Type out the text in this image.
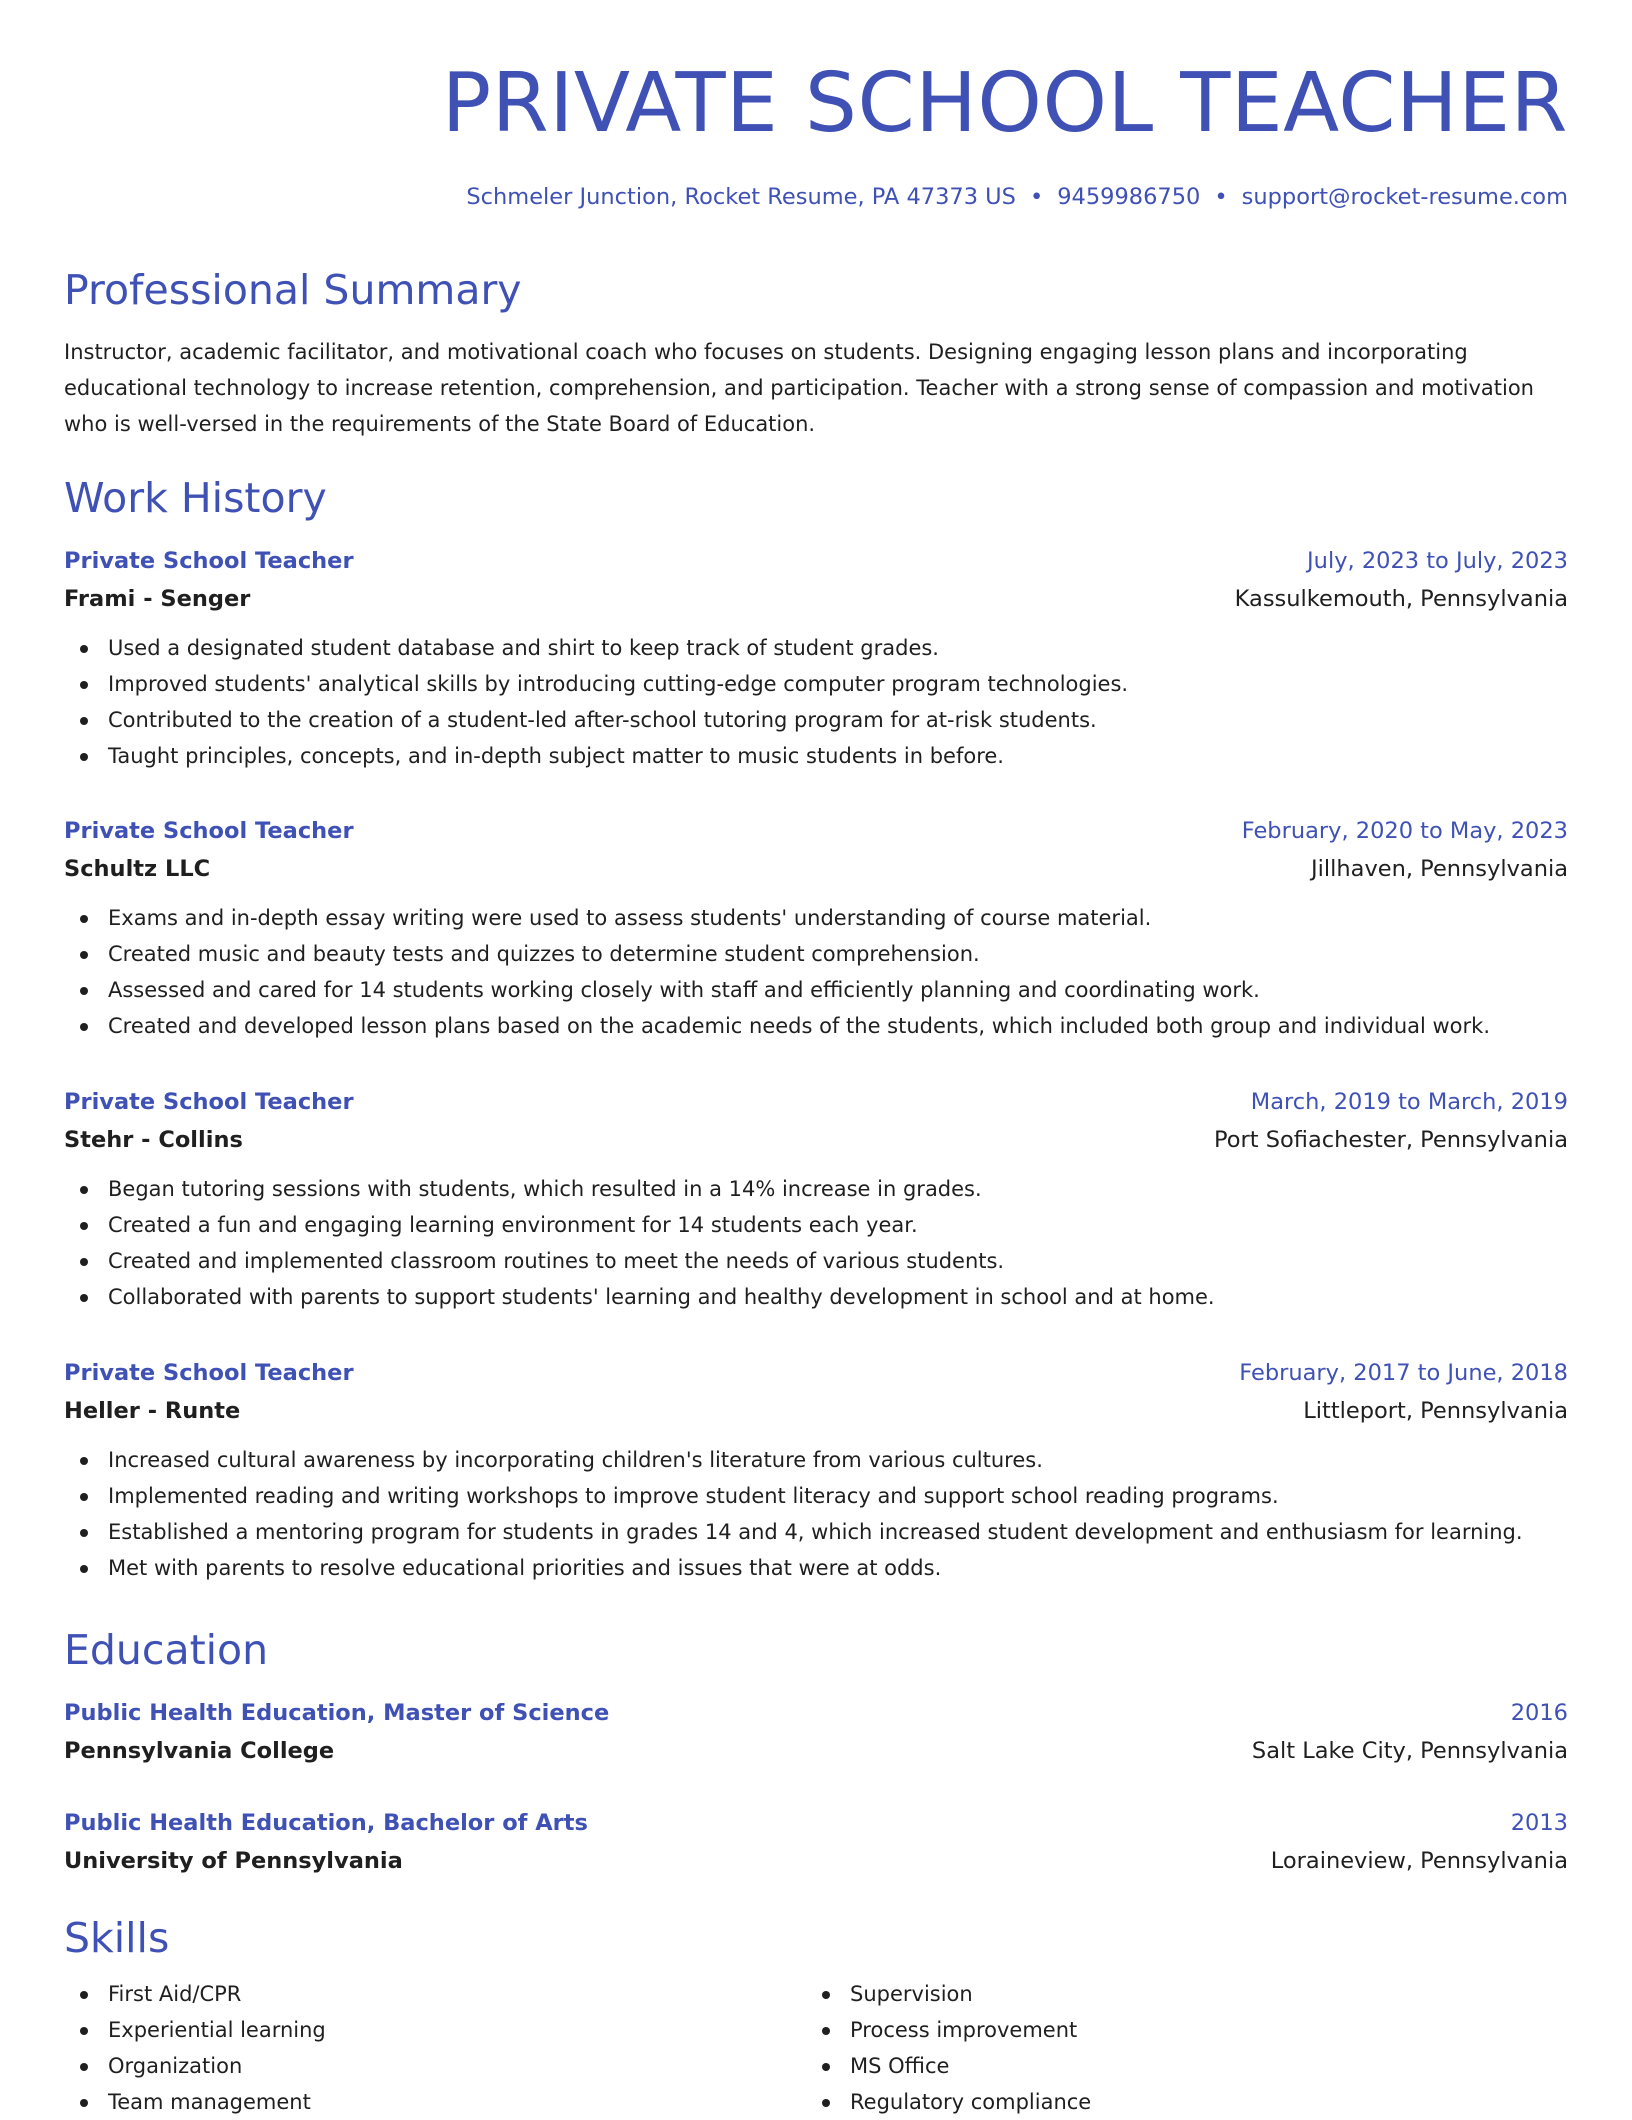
PRIVATE SCHOOL TEACHER
Schmeler Junction, Rocket Resume, PA 47373 US • 9459986750 • support@rocket-resume.com
Professional Summary

Instructor, academic facilitator, and motivational coach who focuses on students. Designing engaging lesson plans and incorporating educational technology to increase retention, comprehension, and participation. Teacher with a strong sense of compassion and motivation who is well-versed in the requirements of the State Board of Education.

Work History
Private School Teacher	July, 2023 to July, 2023
Frami - Senger	Kassulkemouth, Pennsylvania
Used a designated student database and shirt to keep track of student grades.
Improved students' analytical skills by introducing cutting-edge computer program technologies.
Contributed to the creation of a student-led after-school tutoring program for at-risk students.
Taught principles, concepts, and in-depth subject matter to music students in before.
Private School Teacher	February, 2020 to May, 2023
Schultz LLC	Jillhaven, Pennsylvania
Exams and in-depth essay writing were used to assess students' understanding of course material.
Created music and beauty tests and quizzes to determine student comprehension.
Assessed and cared for 14 students working closely with staff and efficiently planning and coordinating work.
Created and developed lesson plans based on the academic needs of the students, which included both group and individual work.
Private School Teacher	March, 2019 to March, 2019
Stehr - Collins	Port Sofiachester, Pennsylvania
Began tutoring sessions with students, which resulted in a 14% increase in grades.
Created a fun and engaging learning environment for 14 students each year.
Created and implemented classroom routines to meet the needs of various students.
Collaborated with parents to support students' learning and healthy development in school and at home.
Private School Teacher	February, 2017 to June, 2018
Heller - Runte	Littleport, Pennsylvania
Increased cultural awareness by incorporating children's literature from various cultures.
Implemented reading and writing workshops to improve student literacy and support school reading programs.
Established a mentoring program for students in grades 14 and 4, which increased student development and enthusiasm for learning.
Met with parents to resolve educational priorities and issues that were at odds.
Education
Public Health Education, Master of Science	2016
Pennsylvania College	Salt Lake City, Pennsylvania
Public Health Education, Bachelor of Arts	2013
University of Pennsylvania	Loraineview, Pennsylvania
Skills
First Aid/CPR
Experiential learning
Organization
Team management
Supervision
Process improvement
MS Office
Regulatory compliance
